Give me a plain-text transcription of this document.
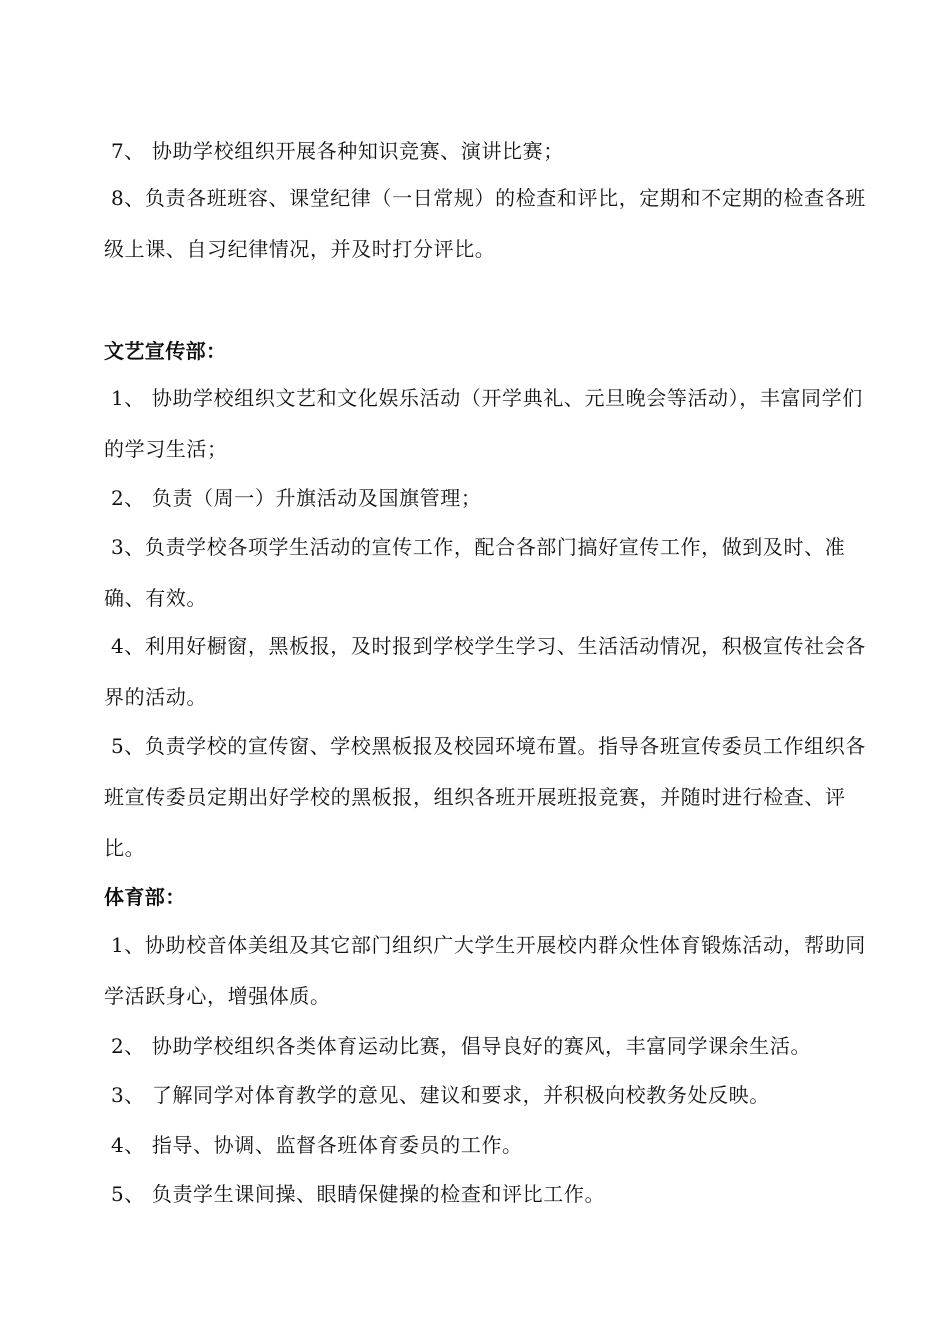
7、 协助学校组织开展各种知识竞赛、演讲比赛；
8、负责各班班容、课堂纪律（一日常规）的检查和评比，定期和不定期的检查各班级上课、自习纪律情况，并及时打分评比。
文艺宣传部：
1、 协助学校组织文艺和文化娱乐活动（开学典礼、元旦晚会等活动），丰富同学们的学习生活；
2、 负责（周一）升旗活动及国旗管理；
3、负责学校各项学生活动的宣传工作，配合各部门搞好宣传工作，做到及时、准确、有效。
4、利用好橱窗，黑板报，及时报到学校学生学习、生活活动情况，积极宣传社会各界的活动。
5、负责学校的宣传窗、学校黑板报及校园环境布置。指导各班宣传委员工作组织各班宣传委员定期出好学校的黑板报，组织各班开展班报竞赛，并随时进行检查、评比。
体育部：
1、协助校音体美组及其它部门组织广大学生开展校内群众性体育锻炼活动，帮助同学活跃身心，增强体质。
2、 协助学校组织各类体育运动比赛，倡导良好的赛风，丰富同学课余生活。
3、 了解同学对体育教学的意见、建议和要求，并积极向校教务处反映。
4、 指导、协调、监督各班体育委员的工作。
5、 负责学生课间操、眼睛保健操的检查和评比工作。
